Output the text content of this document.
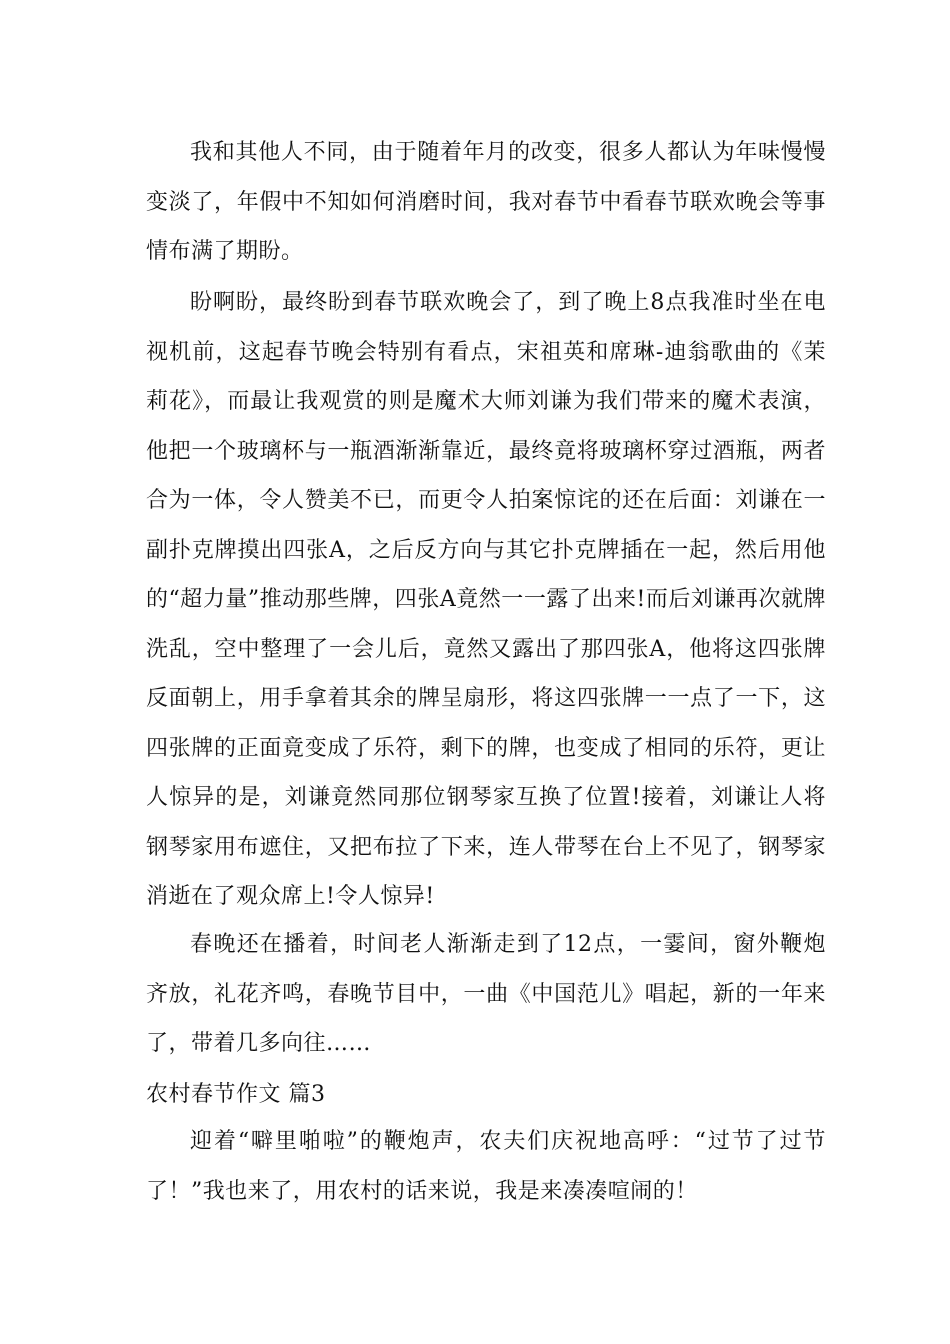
我和其他人不同，由于随着年月的改变，很多人都认为年味慢慢变淡了，年假中不知如何消磨时间，我对春节中看春节联欢晚会等事情布满了期盼。

盼啊盼，最终盼到春节联欢晚会了，到了晚上8点我准时坐在电视机前，这起春节晚会特别有看点，宋祖英和席琳-迪翁歌曲的《茉莉花》，而最让我观赏的则是魔术大师刘谦为我们带来的魔术表演，他把一个玻璃杯与一瓶酒渐渐靠近，最终竟将玻璃杯穿过酒瓶，两者合为一体，令人赞美不已，而更令人拍案惊诧的还在后面：刘谦在一副扑克牌摸出四张A，之后反方向与其它扑克牌插在一起，然后用他的“超力量”推动那些牌，四张A竟然一一露了出来!而后刘谦再次就牌洗乱，空中整理了一会儿后，竟然又露出了那四张A，他将这四张牌反面朝上，用手拿着其余的牌呈扇形，将这四张牌一一点了一下，这四张牌的正面竟变成了乐符，剩下的牌，也变成了相同的乐符，更让人惊异的是，刘谦竟然同那位钢琴家互换了位置!接着，刘谦让人将钢琴家用布遮住，又把布拉了下来，连人带琴在台上不见了，钢琴家消逝在了观众席上!令人惊异!

春晚还在播着，时间老人渐渐走到了12点，一霎间，窗外鞭炮齐放，礼花齐鸣，春晚节目中，一曲《中国范儿》唱起，新的一年来了，带着几多向往……

农村春节作文 篇3

迎着“噼里啪啦”的鞭炮声，农夫们庆祝地高呼：“过节了过节了！”我也来了，用农村的话来说，我是来凑凑喧闹的！
